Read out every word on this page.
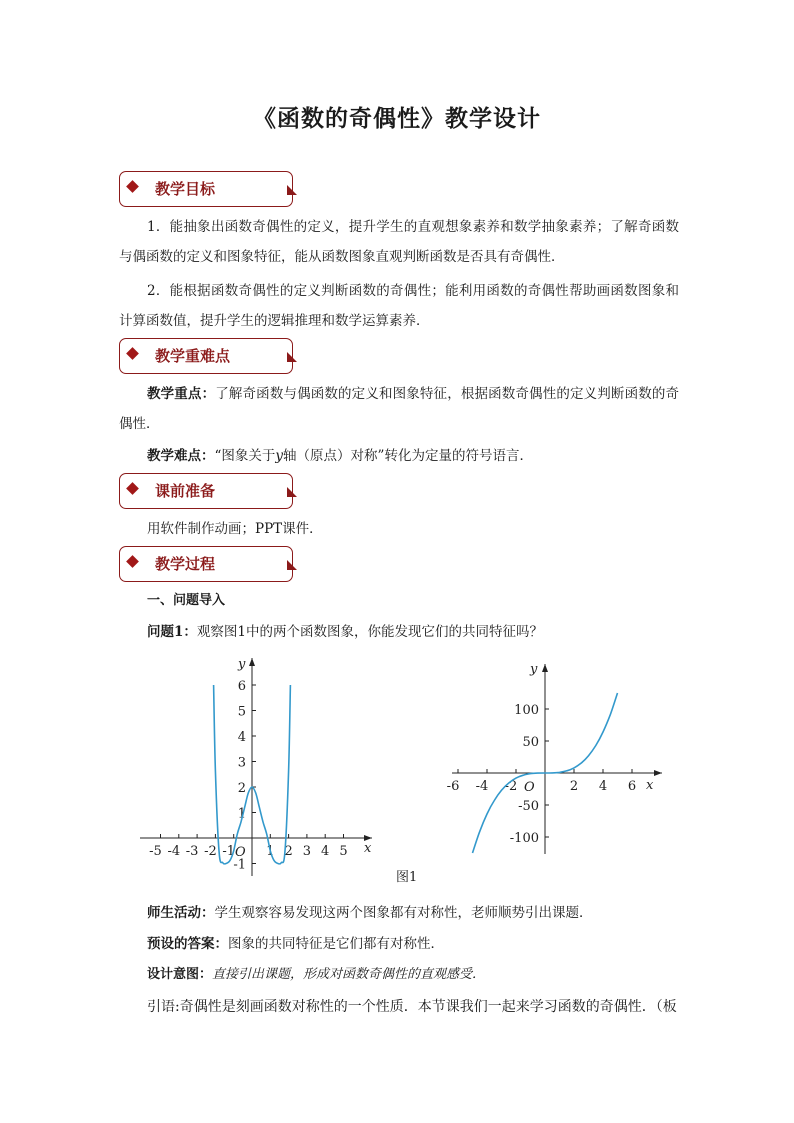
《函数的奇偶性》教学设计
教学目标
1．能抽象出函数奇偶性的定义，提升学生的直观想象素养和数学抽象素养；了解奇函数与偶函数的定义和图象特征，能从函数图象直观判断函数是否具有奇偶性．
2．能根据函数奇偶性的定义判断函数的奇偶性；能利用函数的奇偶性帮助画函数图象和计算函数值，提升学生的逻辑推理和数学运算素养．
教学重难点
教学重点：了解奇函数与偶函数的定义和图象特征，根据函数奇偶性的定义判断函数的奇偶性．
教学难点：“图象关于y轴（原点）对称”转化为定量的符号语言．
课前准备
用软件制作动画；PPT课件．
教学过程
一、问题导入
问题1：观察图1中的两个函数图象，你能发现它们的共同特征吗？
-5 -4 -3 -2 -1 1 2 3 4 5
-1
1
2
3
4
5
6
x
y
O
-6 -4 -2	2 4 6
-100
-50
50
100
x
y
O
图1
师生活动：学生观察容易发现这两个图象都有对称性，老师顺势引出课题．
预设的答案：图象的共同特征是它们都有对称性．
设计意图：直接引出课题，形成对函数奇偶性的直观感受．
引语:奇偶性是刻画函数对称性的一个性质．本节课我们一起来学习函数的奇偶性．（板
